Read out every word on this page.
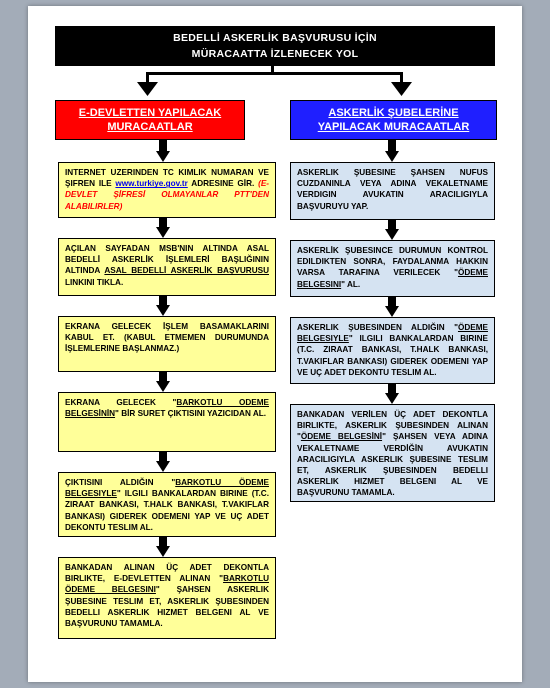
BEDELLİ ASKERLİK BAŞVURUSU İÇİN
MÜRACAATTA İZLENECEK YOL
E-DEVLETTEN YAPILACAK
MURACAATLAR
ASKERLİK ŞUBELERİNE
YAPILACAK MURACAATLAR
INTERNET UZERINDEN TC KIMLIK NUMARAN VE ŞIFREN ILE www.turkiye.gov.tr ADRESINE GİR. (E-DEVLET ŞİFRESİ OLMAYANLAR PTT'DEN ALABILIRLER)
AÇILAN SAYFADAN MSB'NIN ALTINDA ASAL BEDELLİ ASKERLİK İŞLEMLERİ BAŞLIĞININ ALTINDA ASAL BEDELLİ ASKERLİK BAŞVURUSU LINKINI TIKLA.
EKRANA GELECEK İŞLEM BASAMAKLARINI KABUL ET. (KABUL ETMEMEN DURUMUNDA İŞLEMLERINE BAŞLANMAZ.)
EKRANA GELECEK "BARKOTLU ODEME BELGESİNİN" BİR SURET ÇIKTISINI YAZICIDAN AL.
ÇIKTISINI ALDIĞIN "BARKOTLU ÖDEME BELGESIYLE" ILGILI BANKALARDAN BIRINE (T.C. ZIRAAT BANKASI, T.HALK BANKASI, T.VAKIFLAR BANKASI) GIDEREK ODEMENI YAP VE UÇ ADET DEKONTU TESLIM AL.
BANKADAN ALINAN ÜÇ ADET DEKONTLA BIRLIKTE, E-DEVLETTEN ALINAN "BARKOTLU ÖDEME BELGESINI" ŞAHSEN ASKERLIK ŞUBESINE TESLIM ET, ASKERLIK ŞUBESINDEN BEDELLI ASKERLIK HIZMET BELGENI AL VE BAŞVURUNU TAMAMLA.
ASKERLIK ŞUBESINE ŞAHSEN NUFUS CUZDANINLA VEYA ADINA VEKALETNAME VERDIGIN AVUKATIN ARACILIGIYLA BAŞVURUYU YAP.
ASKERLİK ŞUBESINCE DURUMUN KONTROL EDILDIKTEN SONRA, FAYDALANMA HAKKIN VARSA TARAFINA VERILECEK "ÖDEME BELGESINI" AL.
ASKERLIK ŞUBESINDEN ALDIĞIN "ÖDEME BELGESIYLE" ILGILI BANKALARDAN BIRINE (T.C. ZIRAAT BANKASI, T.HALK BANKASI, T.VAKIFLAR BANKASI) GIDEREK ODEMENI YAP VE UÇ ADET DEKONTU TESLIM AL.
BANKADAN VERİLEN ÜÇ ADET DEKONTLA BIRLIKTE, ASKERLIK ŞUBESINDEN ALINAN "ÖDEME BELGESİNİ" ŞAHSEN VEYA ADINA VEKALETNAME VERDİĞİN AVUKATIN ARACILIGIYLA ASKERLIK ŞUBESINE TESLIM ET, ASKERLIK ŞUBESINDEN BEDELLI ASKERLIK HIZMET BELGENI AL VE BAŞVURUNU TAMAMLA.
